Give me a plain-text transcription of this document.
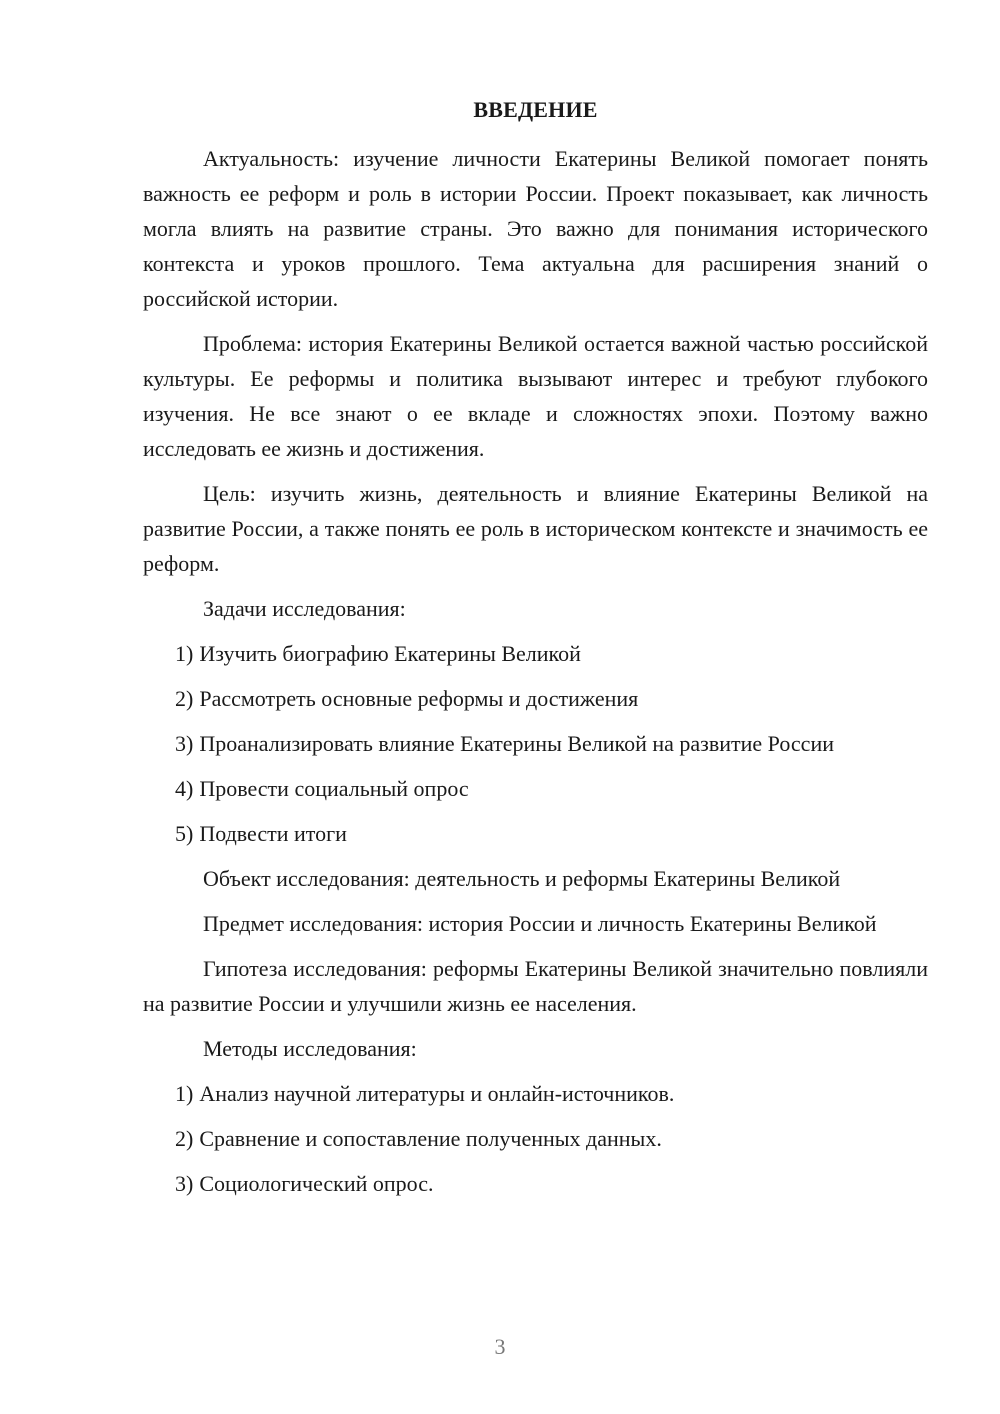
ВВЕДЕНИЕ

Актуальность: изучение личности Екатерины Великой помогает понять важность ее реформ и роль в истории России. Проект показывает, как личность могла влиять на развитие страны. Это важно для понимания исторического контекста и уроков прошлого. Тема актуальна для расширения знаний о российской истории.

Проблема: история Екатерины Великой остается важной частью российской культуры. Ее реформы и политика вызывают интерес и требуют глубокого изучения. Не все знают о ее вкладе и сложностях эпохи. Поэтому важно исследовать ее жизнь и достижения.

Цель: изучить жизнь, деятельность и влияние Екатерины Великой на развитие России, а также понять ее роль в историческом контексте и значимость ее реформ.

Задачи исследования:

1) Изучить биографию Екатерины Великой

2) Рассмотреть основные реформы и достижения

3) Проанализировать влияние Екатерины Великой на развитие России

4) Провести социальный опрос

5) Подвести итоги

Объект исследования: деятельность и реформы Екатерины Великой

Предмет исследования: история России и личность Екатерины Великой

Гипотеза исследования: реформы Екатерины Великой значительно повлияли на развитие России и улучшили жизнь ее населения.

Методы исследования:

1) Анализ научной литературы и онлайн-источников.

2) Сравнение и сопоставление полученных данных.

3) Социологический опрос.

3
